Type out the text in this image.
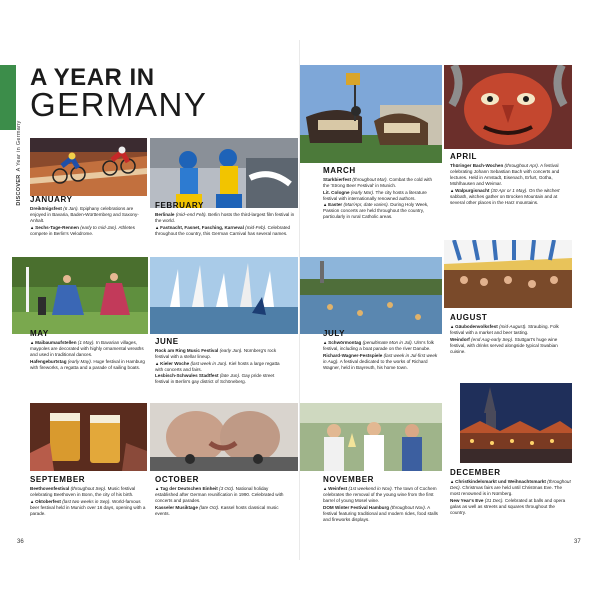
DISCOVERA Year in Germany
A YEAR IN
GERMANY
JANUARY

Dreikönigsfest (6 Jan). Epiphany celebrations are enjoyed in Bavaria, Baden-Württemberg and Saxony-Anhalt.

▲Sechs-Tage-Rennen (early to mid-Jan). Athletes compete in Berlin's Velodrome.

FEBRUARY

Berlinale (mid–end Feb). Berlin hosts the third-largest film festival in the world.

▲Fastnacht, Fasnet, Fasching, Karneval (mid-Feb). Celebrated throughout the country, this German Carnival has several names.

MARCH

Starkbierfest (throughout Mar). Combat the cold with the 'Strong Beer Festival' in Munich.

Lit. Cologne (early Mar). The city hosts a literature festival with internationally renowned authors.

▲Easter (Mar/Apr, date varies). During Holy Week, Passion concerts are held throughout the country, particularly in rural Catholic areas.

APRIL

Thüringer Bach-Wochen (throughout Apr). A festival celebrating Johann Sebastian Bach with concerts and lectures. Held in Arnstadt, Eisenach, Erfurt, Gotha, Mühlhausen and Weimar.

▲Walpurgisnacht (30 Apr or 1 May). On the witches' sabbath, witches gather on Brocken Mountain and at several other places in the Harz mountains.

MAY

▲Maibaumaufstellen (1 May). In Bavarian villages, maypoles are decorated with highly ornamental wreaths and used in traditional dances.

Hafengeburtstag (early May). Huge festival in Hamburg with fireworks, a regatta and a parade of sailing boats.

JUNE

Rock am Ring Music Festival (early Jun). Nürnberg's rock festival with a stellar lineup.

▲Kieler Woche (last week in Jun). Kiel hosts a large regatta with concerts and fairs.

Lesbisch-Schwules Stadtfest (late Jun). Gay pride street festival in Berlin's gay district of Schöneberg.

JULY

▲Schwörmontag (penultimate Mon in Jul). Ulm's folk festival, including a boat parade on the river Danube.

Richard-Wagner-Festspiele (last week in Jul-first week in Aug). A festival dedicated to the works of Richard Wagner, held in Bayreuth, his home town.

AUGUST

▲Gäubodenvolksfest (mid-August). Straubing. Folk festival with a market and beer tasting.

Weindorf (end Aug-early Sep). Stuttgart's huge wine festival, with drinks served alongside typical Swabian cuisine.

SEPTEMBER

Beethovenfestival (throughout Sep). Music festival celebrating Beethoven in Bonn, the city of his birth.

▲Oktoberfest (last two weeks in Sep). World-famous beer festival held in Munich over 16 days, opening with a parade.

OCTOBER

▲Tag der Deutschen Einheit (3 Oct). National holiday established after German reunification in 1990. Celebrated with concerts and parades.

Kasseler Musiktage (late Oct). Kassel hosts classical music events.

NOVEMBER

▲Weinfest (1st weekend in Nov). The town of Cochem celebrates the removal of the young wine from the first barrel of young Mosel wine.

DOM Winter Festival Hamburg (throughout Nov). A festival featuring traditional and modern rides, food stalls and fireworks displays.

DECEMBER

▲Christkindelsmarkt und Weihnachtsmarkt (throughout Dec). Christmas fairs are held until Christmas Eve. The most renowned is in Nürnberg.

New Year's Eve (31 Dec). Celebrated at balls and opera galas as well as streets and squares throughout the country.

36	37
